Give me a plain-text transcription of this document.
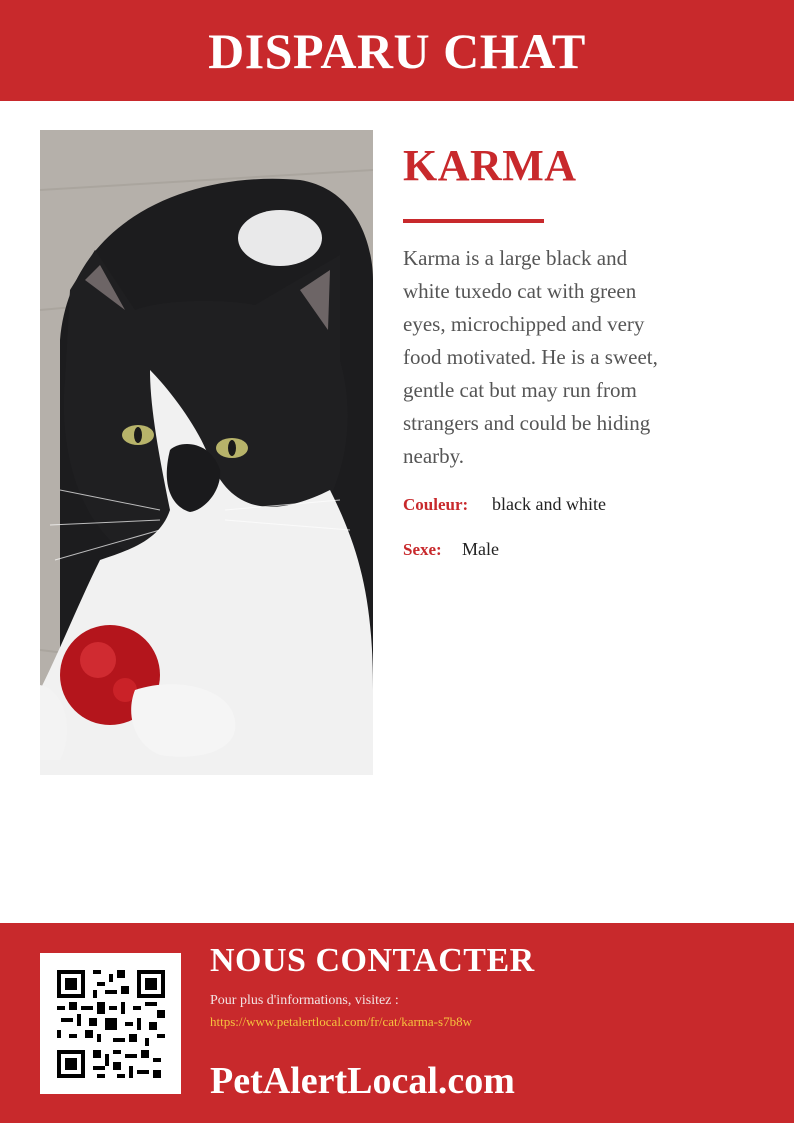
DISPARU CHAT
KARMA

Karma is a large black and white tuxedo cat with green eyes, microchipped and very food motivated. He is a sweet, gentle cat but may run from strangers and could be hiding nearby.

Couleur:	black and white
Sexe:	Male
NOUS CONTACTER

Pour plus d'informations, visitez :

https://www.petalertlocal.com/fr/cat/karma-s7b8w
PetAlertLocal.com
